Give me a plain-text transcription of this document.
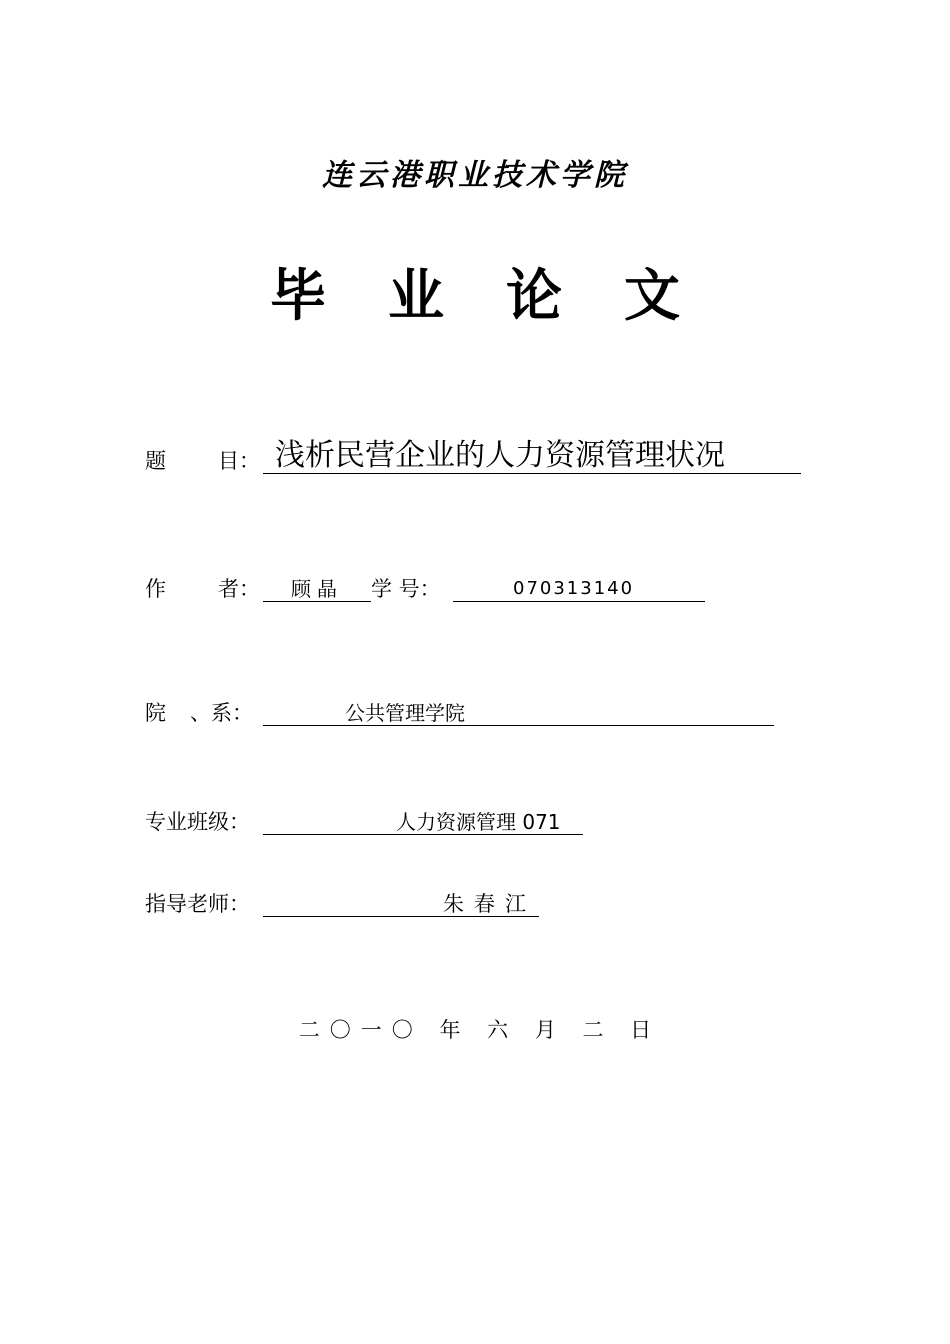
连云港职业技术学院
毕业论文
题 目： 浅析民营企业的人力资源管理状况
作 者：	顾晶	学 号：	070313140
院 、系：	公共管理学院
专业班级：	人力资源管理 071
指导老师：	朱春江
二〇一〇 年 六 月 二 日
